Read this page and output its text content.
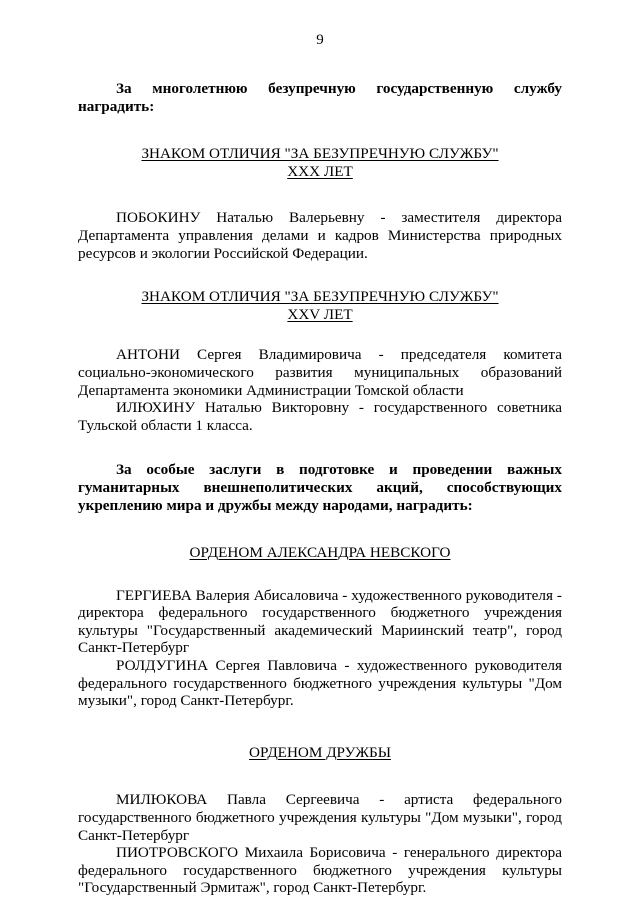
9

За многолетнюю безупречную государственную службу наградить:

ЗНАКОМ ОТЛИЧИЯ "ЗА БЕЗУПРЕЧНУЮ СЛУЖБУ"

XXX ЛЕТ

ПОБОКИНУ Наталью Валерьевну - заместителя директора Департамента управления делами и кадров Министерства природных ресурсов и экологии Российской Федерации.

ЗНАКОМ ОТЛИЧИЯ "ЗА БЕЗУПРЕЧНУЮ СЛУЖБУ"

XXV ЛЕТ

АНТОНИ Сергея Владимировича - председателя комитета социально-экономического развития муниципальных образований Департамента экономики Администрации Томской области

ИЛЮХИНУ Наталью Викторовну - государственного советника Тульской области 1 класса.

За особые заслуги в подготовке и проведении важных гуманитарных внешнеполитических акций, способствующих укреплению мира и дружбы между народами, наградить:

ОРДЕНОМ АЛЕКСАНДРА НЕВСКОГО

ГЕРГИЕВА Валерия Абисаловича - художественного руководителя - директора федерального государственного бюджетного учреждения культуры "Государственный академический Мариинский театр", город Санкт-Петербург

РОЛДУГИНА Сергея Павловича - художественного руководителя федерального государственного бюджетного учреждения культуры "Дом музыки", город Санкт-Петербург.

ОРДЕНОМ ДРУЖБЫ

МИЛЮКОВА Павла Сергеевича - артиста федерального государственного бюджетного учреждения культуры "Дом музыки", город Санкт-Петербург

ПИОТРОВСКОГО Михаила Борисовича - генерального директора федерального государственного бюджетного учреждения культуры "Государственный Эрмитаж", город Санкт-Петербург.
